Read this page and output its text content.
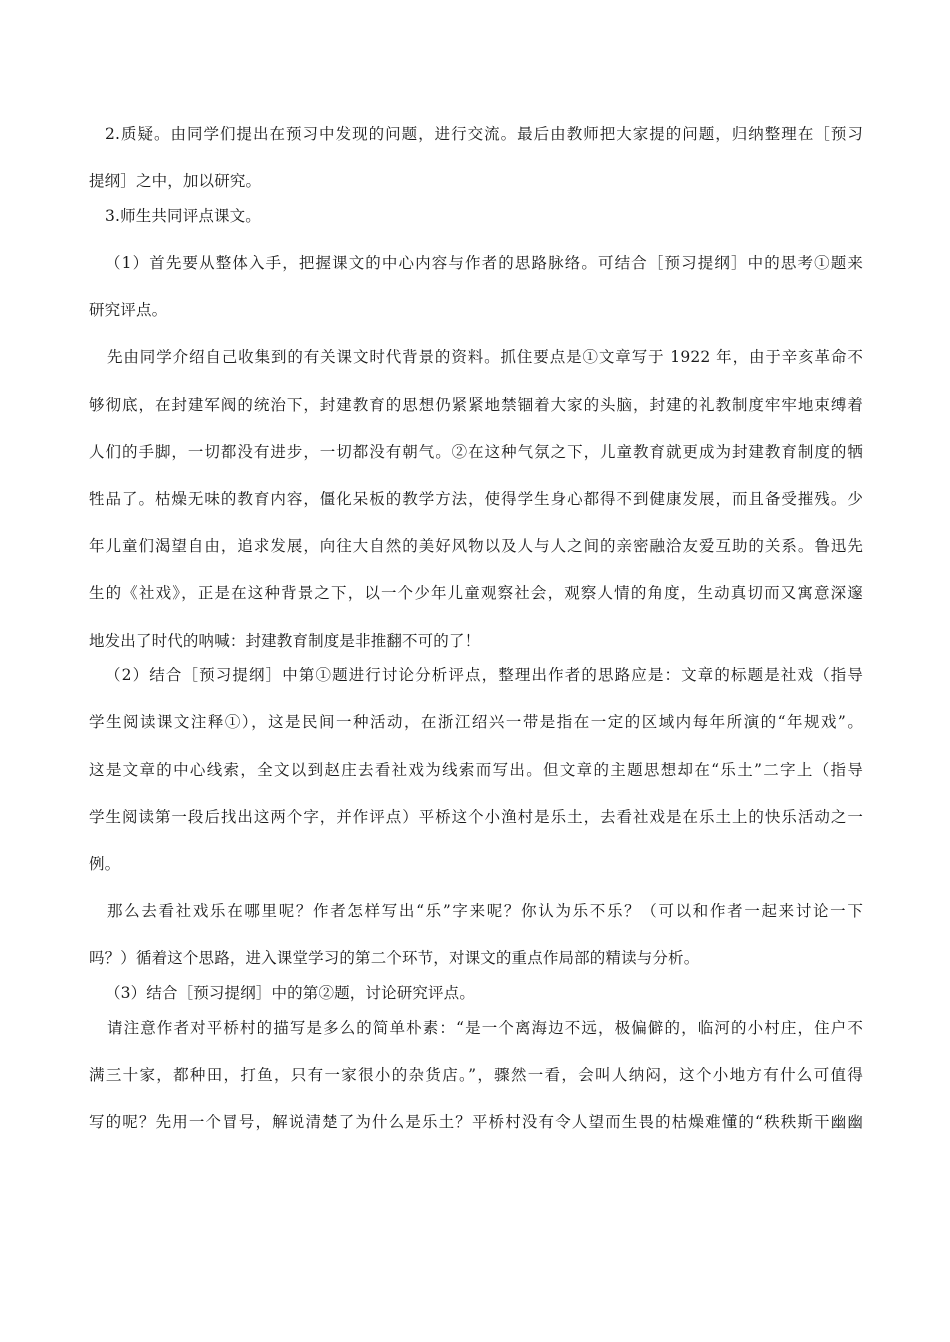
2.质疑。由同学们提出在预习中发现的问题，进行交流。最后由教师把大家提的问题，归纳整理在［预习
提纲］之中，加以研究。
3.师生共同评点课文。
（1）首先要从整体入手，把握课文的中心内容与作者的思路脉络。可结合［预习提纲］中的思考①题来
研究评点。
先由同学介绍自己收集到的有关课文时代背景的资料。抓住要点是①文章写于 1922 年，由于辛亥革命不
够彻底，在封建军阀的统治下，封建教育的思想仍紧紧地禁锢着大家的头脑，封建的礼教制度牢牢地束缚着
人们的手脚，一切都没有进步，一切都没有朝气。②在这种气氛之下，儿童教育就更成为封建教育制度的牺
牲品了。枯燥无味的教育内容，僵化呆板的教学方法，使得学生身心都得不到健康发展，而且备受摧残。少
年儿童们渴望自由，追求发展，向往大自然的美好风物以及人与人之间的亲密融洽友爱互助的关系。鲁迅先
生的《社戏》，正是在这种背景之下，以一个少年儿童观察社会，观察人情的角度，生动真切而又寓意深邃
地发出了时代的呐喊：封建教育制度是非推翻不可的了！
（2）结合［预习提纲］中第①题进行讨论分析评点，整理出作者的思路应是：文章的标题是社戏（指导
学生阅读课文注释①），这是民间一种活动，在浙江绍兴一带是指在一定的区域内每年所演的“年规戏”。
这是文章的中心线索，全文以到赵庄去看社戏为线索而写出。但文章的主题思想却在“乐土”二字上（指导
学生阅读第一段后找出这两个字，并作评点）平桥这个小渔村是乐土，去看社戏是在乐土上的快乐活动之一
例。
那么去看社戏乐在哪里呢？作者怎样写出“乐”字来呢？你认为乐不乐？（可以和作者一起来讨论一下
吗？）循着这个思路，进入课堂学习的第二个环节，对课文的重点作局部的精读与分析。
（3）结合［预习提纲］中的第②题，讨论研究评点。
请注意作者对平桥村的描写是多么的简单朴素：“是一个离海边不远，极偏僻的，临河的小村庄，住户不
满三十家，都种田，打鱼，只有一家很小的杂货店。”，骤然一看，会叫人纳闷，这个小地方有什么可值得
写的呢？先用一个冒号，解说清楚了为什么是乐土？平桥村没有令人望而生畏的枯燥难懂的“秩秩斯干幽幽
